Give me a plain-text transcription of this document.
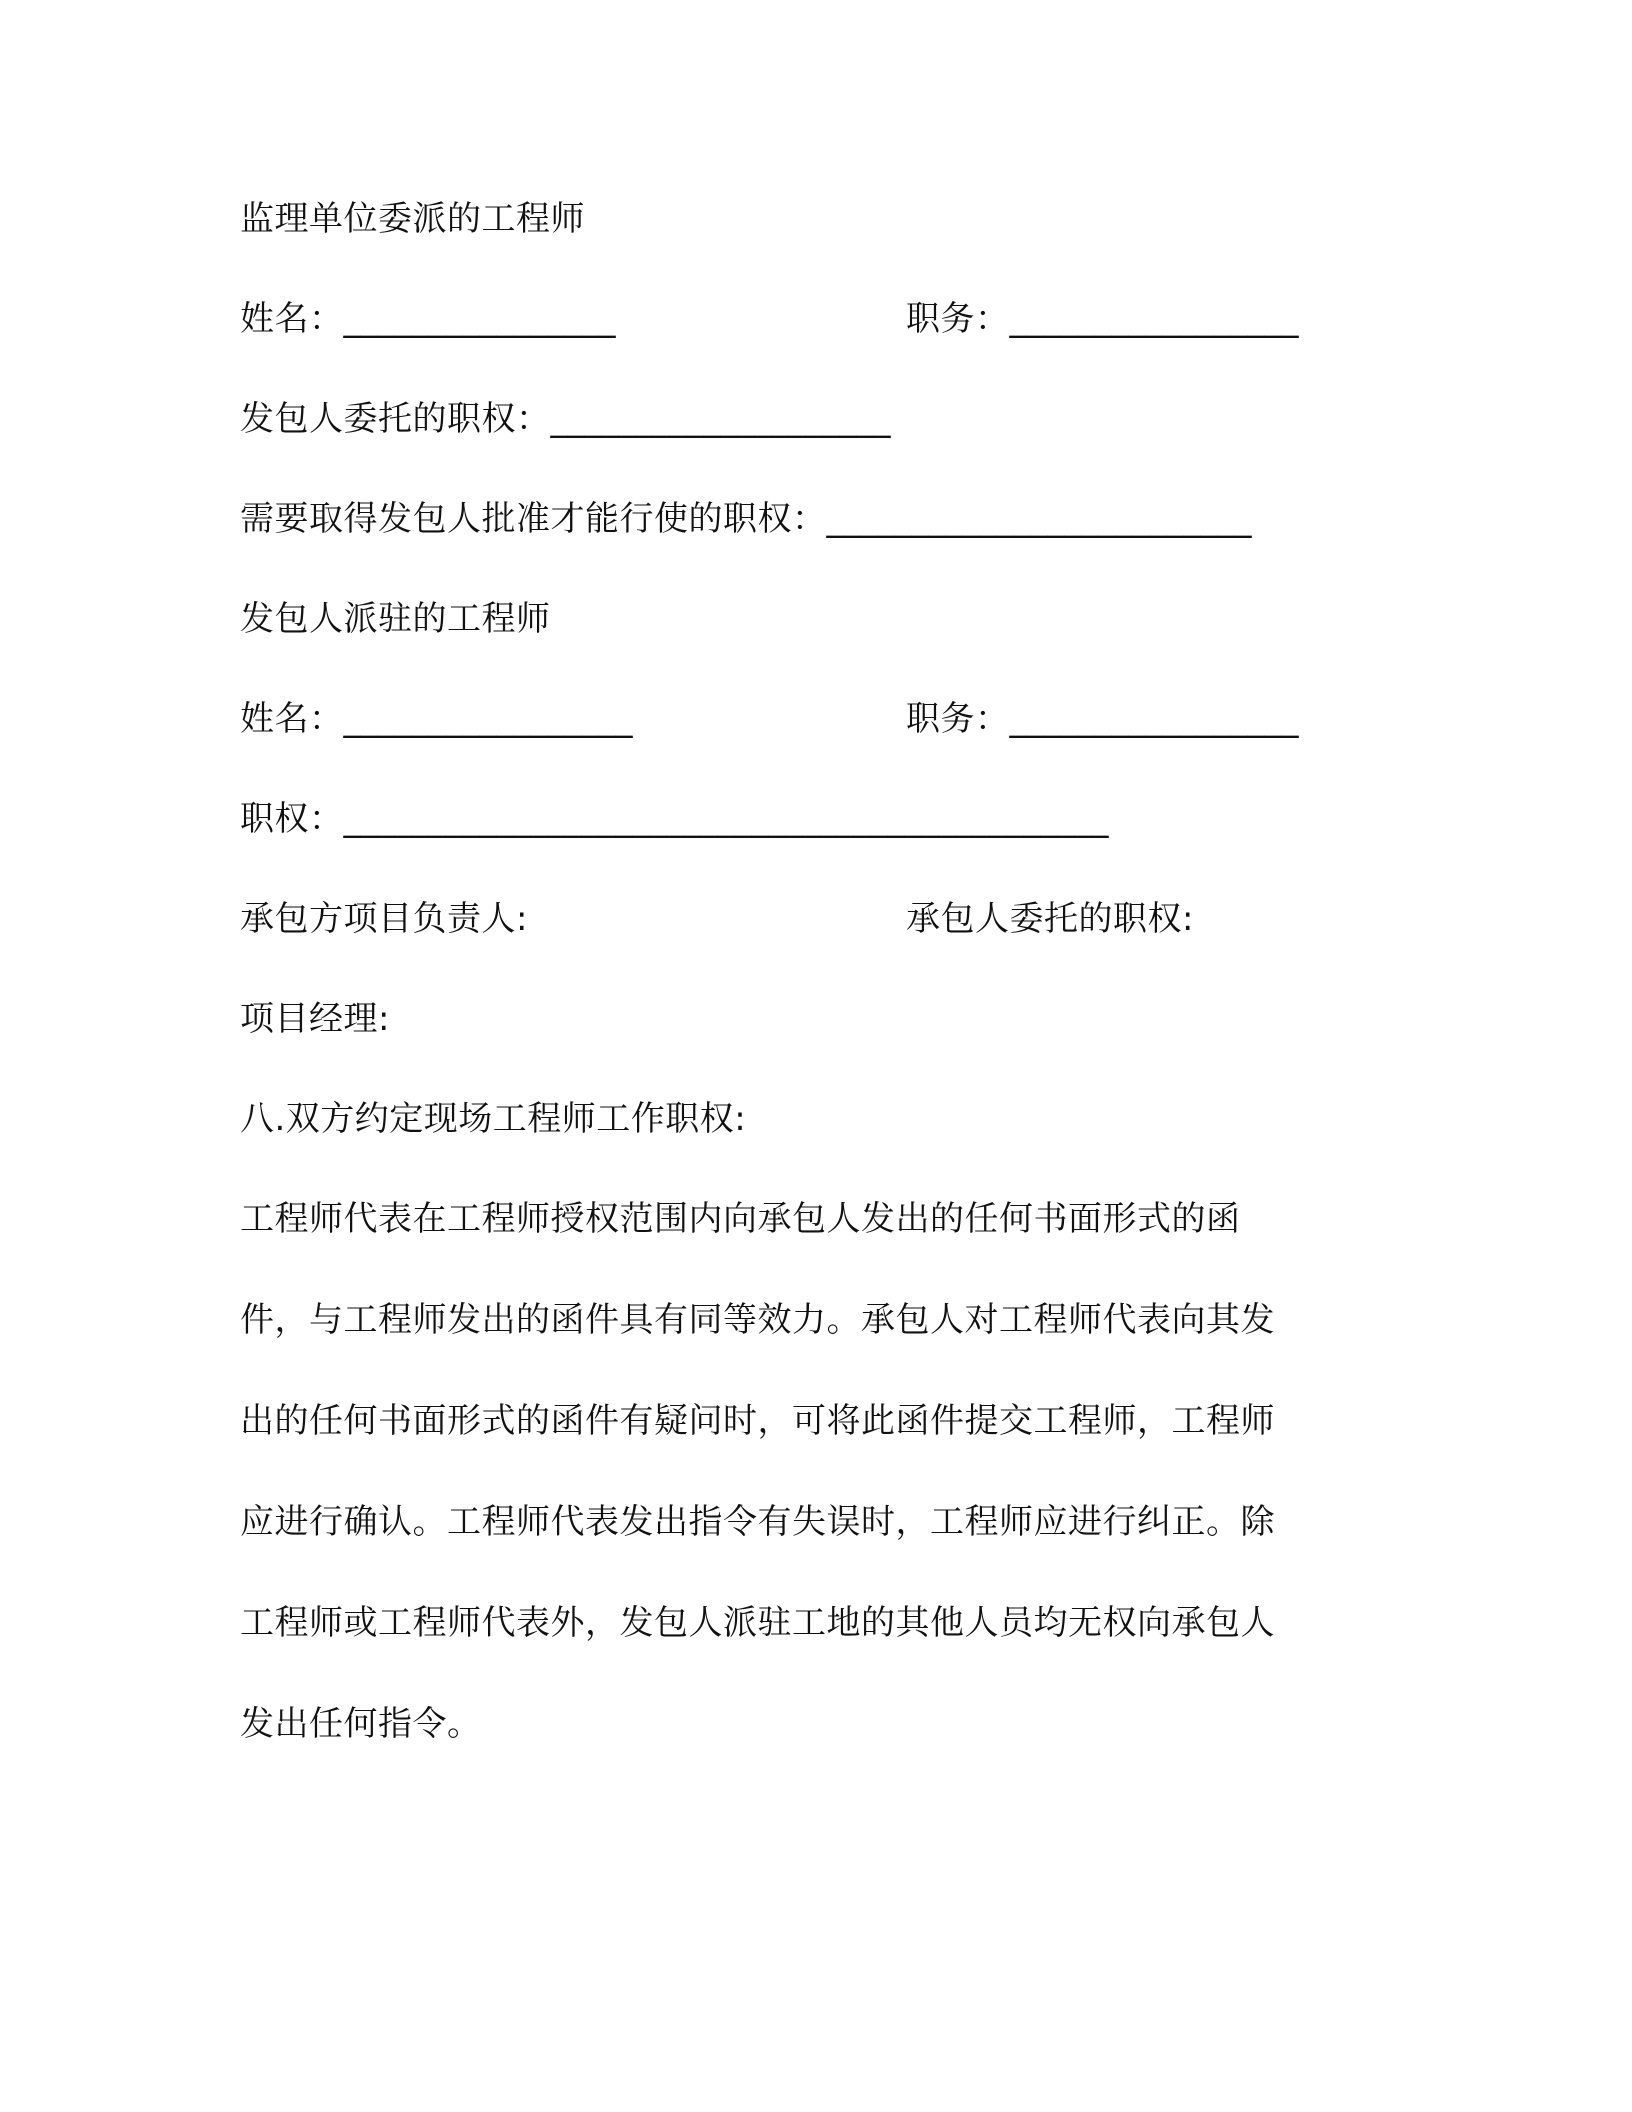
监理单位委派的工程师
姓名：________________	职务：_________________
发包人委托的职权：____________________
需要取得发包人批准才能行使的职权：_________________________
发包人派驻的工程师
姓名：_________________	职务：_________________
职权：_____________________________________________
承包方项目负责人:	承包人委托的职权:
项目经理:
八.双方约定现场工程师工作职权:
工程师代表在工程师授权范围内向承包人发出的任何书面形式的函
件，与工程师发出的函件具有同等效力。承包人对工程师代表向其发
出的任何书面形式的函件有疑问时，可将此函件提交工程师，工程师
应进行确认。工程师代表发出指令有失误时，工程师应进行纠正。除
工程师或工程师代表外，发包人派驻工地的其他人员均无权向承包人
发出任何指令。
